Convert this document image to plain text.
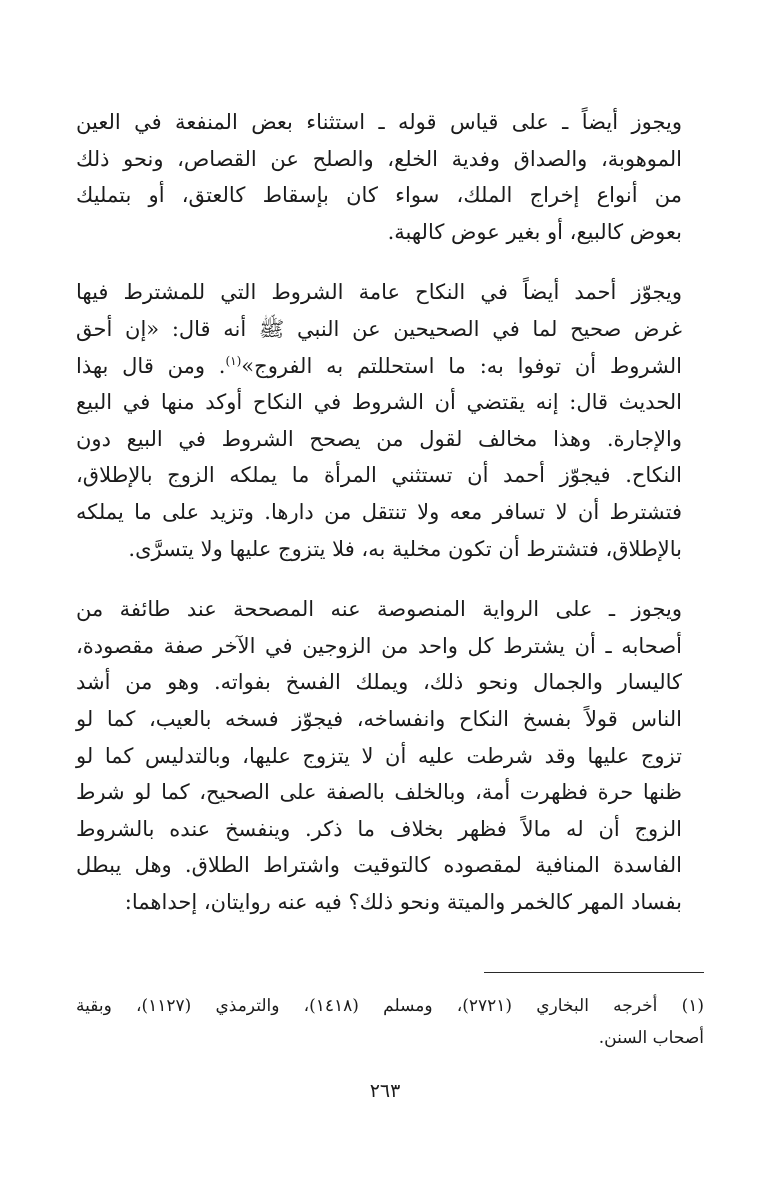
ويجوز أيضاً ـ على قياس قوله ـ استثناء بعض المنفعة في العين
الموهوبة، والصداق وفدية الخلع، والصلح عن القصاص، ونحو ذلك
من أنواع إخراج الملك، سواء كان بإسقاط كالعتق، أو بتمليك
بعوض كالبيع، أو بغير عوض كالهبة.

ويجوّز أحمد أيضاً في النكاح عامة الشروط التي للمشترط فيها
غرض صحيح لما في الصحيحين عن النبي ﷺ أنه قال: «إن أحق
الشروط أن توفوا به: ما استحللتم به الفروج»$^{(١)}$. ومن قال بهذا
الحديث قال: إنه يقتضي أن الشروط في النكاح أوكد منها في البيع
والإجارة. وهذا مخالف لقول من يصحح الشروط في البيع دون
النكاح. فيجوّز أحمد أن تستثني المرأة ما يملكه الزوج بالإطلاق،
فتشترط أن لا تسافر معه ولا تنتقل من دارها. وتزيد على ما يملكه
بالإطلاق، فتشترط أن تكون مخلية به، فلا يتزوج عليها ولا يتسرَّى.

ويجوز ـ على الرواية المنصوصة عنه المصححة عند طائفة من
أصحابه ـ أن يشترط كل واحد من الزوجين في الآخر صفة مقصودة،
كاليسار والجمال ونحو ذلك، ويملك الفسخ بفواته. وهو من أشد
الناس قولاً بفسخ النكاح وانفساخه، فيجوّز فسخه بالعيب، كما لو
تزوج عليها وقد شرطت عليه أن لا يتزوج عليها، وبالتدليس كما لو
ظنها حرة فظهرت أمة، وبالخلف بالصفة على الصحيح، كما لو شرط
الزوج أن له مالاً فظهر بخلاف ما ذكر. وينفسخ عنده بالشروط
الفاسدة المنافية لمقصوده كالتوقيت واشتراط الطلاق. وهل يبطل
بفساد المهر كالخمر والميتة ونحو ذلك؟ فيه عنه روايتان، إحداهما:

(١) أخرجه البخاري (٢٧٢١)، ومسلم (١٤١٨)، والترمذي (١١٢٧)، وبقية
أصحاب السنن.
٢٦٣
